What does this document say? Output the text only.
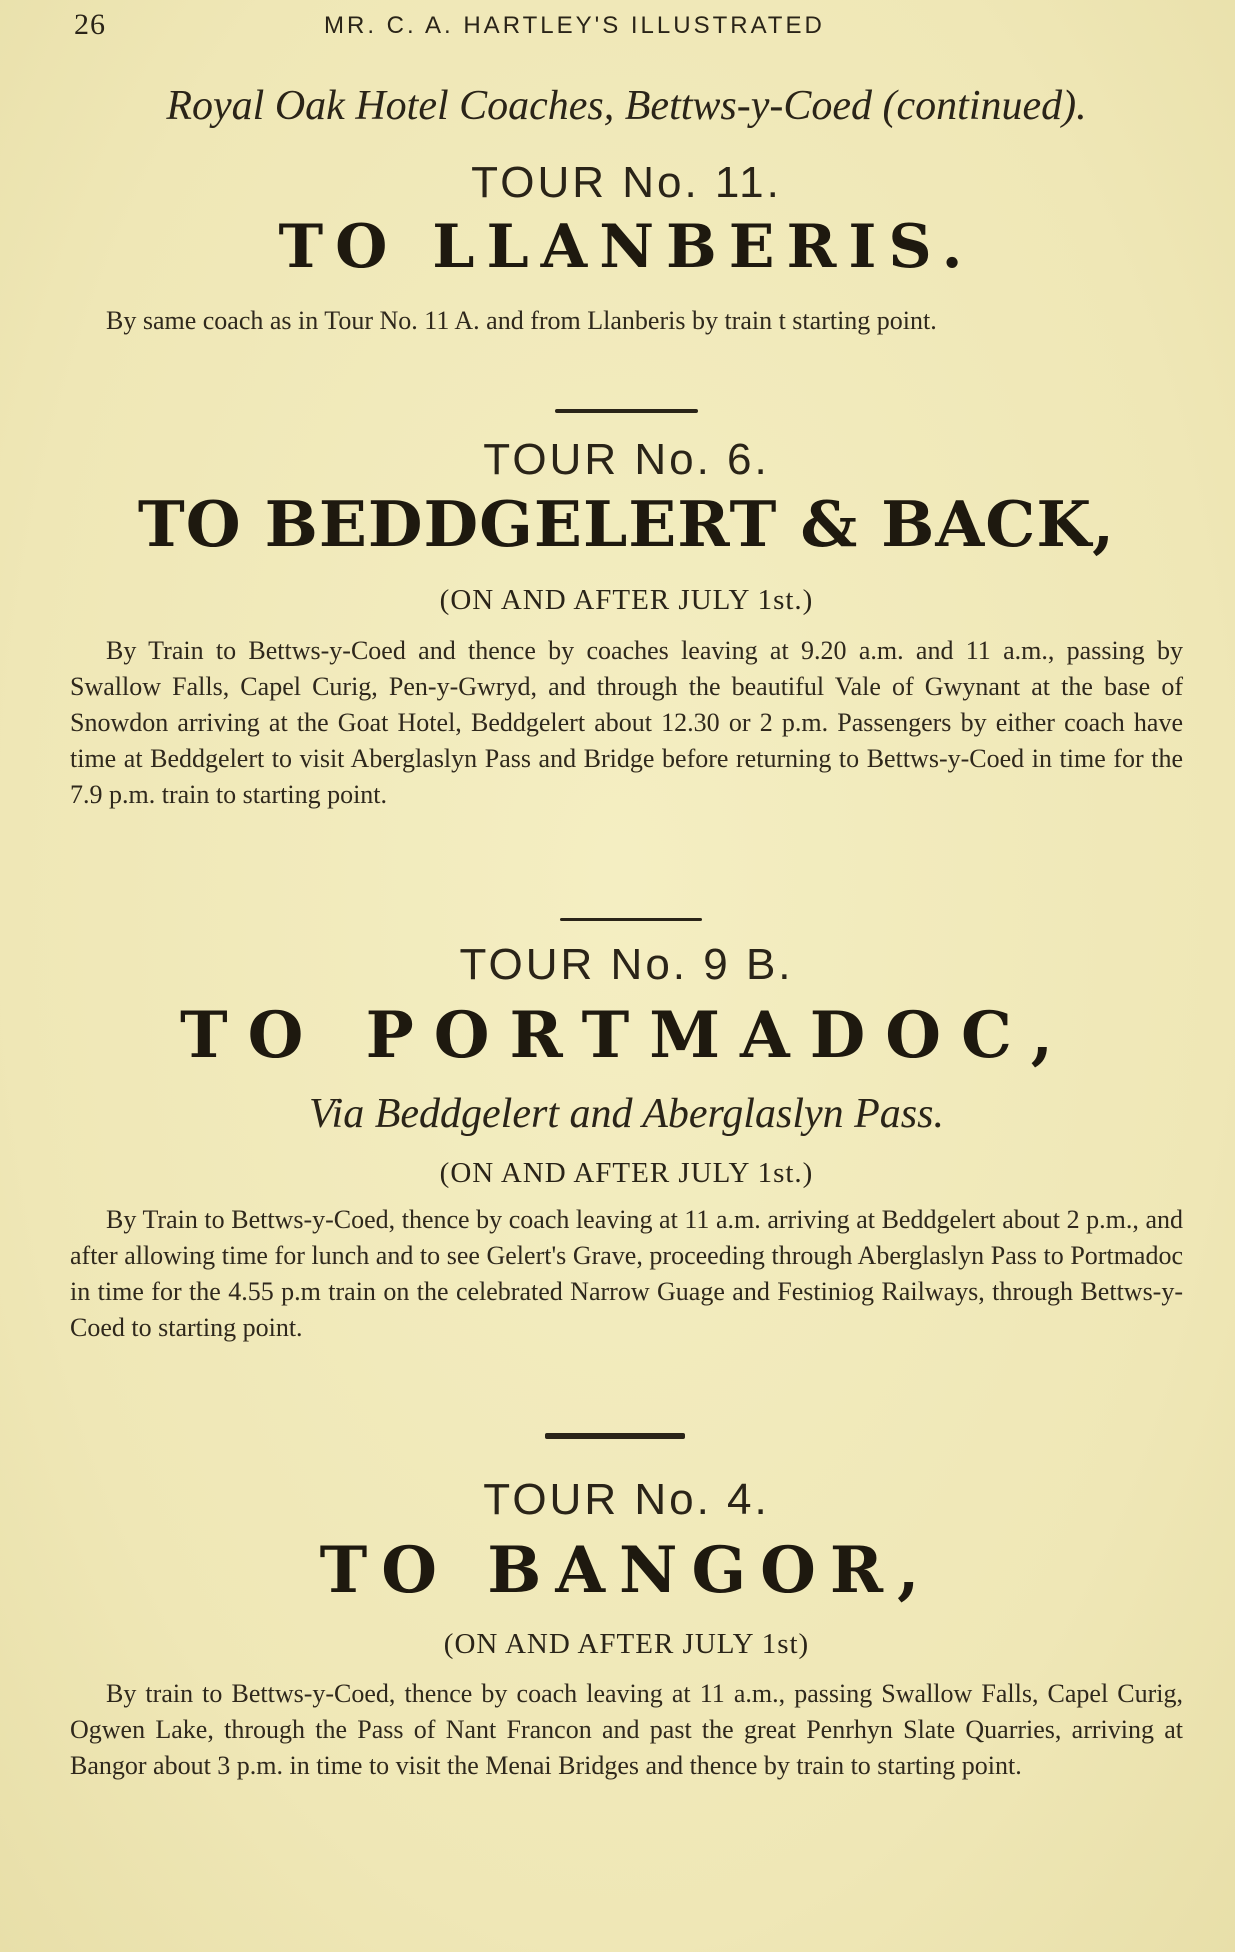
26	MR. C. A. HARTLEY'S ILLUSTRATED
Royal Oak Hotel Coaches, Bettws-y-Coed (continued).
TOUR No. 11.
TO LLANBERIS.
By same coach as in Tour No. 11 A. and from Llanberis by train t starting point.
TOUR No. 6.
TO BEDDGELERT & BACK,
(ON AND AFTER JULY 1st.)
By Train to Bettws-y-Coed and thence by coaches leaving at 9.20 a.m. and 11 a.m., passing by Swallow Falls, Capel Curig, Pen-y-Gwryd, and through the beautiful Vale of Gwynant at the base of Snowdon arriving at the Goat Hotel, Beddgelert about 12.30 or 2 p.m. Passengers by either coach have time at Beddgelert to visit Aberglaslyn Pass and Bridge before returning to Bettws-y-Coed in time for the 7.9 p.m. train to starting point.
TOUR No. 9 B.
TO PORTMADOC,
Via Beddgelert and Aberglaslyn Pass.
(ON AND AFTER JULY 1st.)
By Train to Bettws-y-Coed, thence by coach leaving at 11 a.m. arriving at Beddgelert about 2 p.m., and after allowing time for lunch and to see Gelert's Grave, proceeding through Aberglaslyn Pass to Portmadoc in time for the 4.55 p.m train on the celebrated Narrow Guage and Festiniog Railways, through Bettws-y-Coed to starting point.
TOUR No. 4.
TO BANGOR,
(ON AND AFTER JULY 1st)
By train to Bettws-y-Coed, thence by coach leaving at 11 a.m., passing Swallow Falls, Capel Curig, Ogwen Lake, through the Pass of Nant Francon and past the great Penrhyn Slate Quarries, arriving at Bangor about 3 p.m. in time to visit the Menai Bridges and thence by train to starting point.
